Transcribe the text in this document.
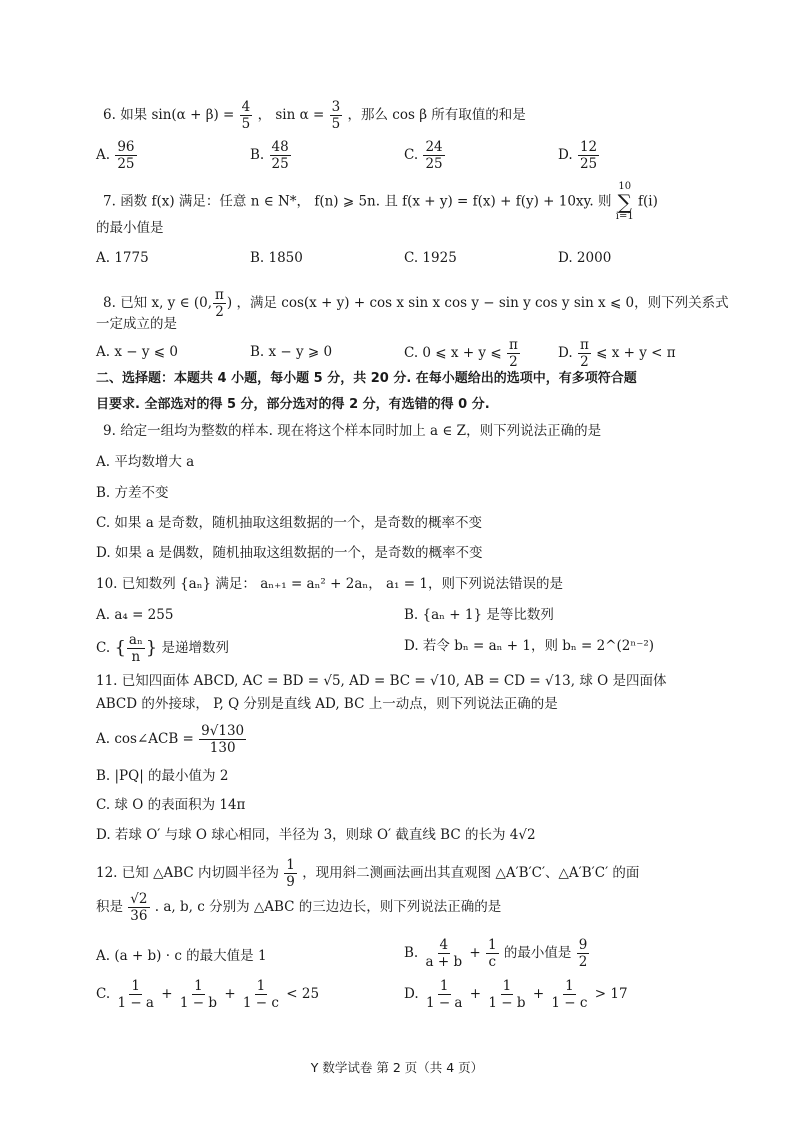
6. 如果 $\sin(\alpha + \beta) = \frac{4}{5}$ ， $\sin \alpha = \frac{3}{5}$ ，那么 cos β 所有取值的和是
A. $\frac{96}{25}$	B. $\frac{48}{25}$	C. $\frac{24}{25}$	D. $\frac{12}{25}$
7. 函数 f(x) 满足：任意 n ∈ N*， f(n) ⩾ 5n. 且 f(x + y) = f(x) + f(y) + 10xy. 则
10
∑
i=1
f(i)
的最小值是
A. 1775	B. 1850	C. 1925	D. 2000
8. 已知 x, y ∈ (0, $\frac{\pi}{2}$ ) ，满足 cos(x + y) + cos x sin x cos y − sin y cos y sin x ⩽ 0，则下列关系式
一定成立的是
A. x − y ⩽ 0	B. x − y ⩾ 0	C. 0 ⩽ x + y ⩽ $\frac{\pi}{2}$	D. $\frac{\pi}{2}$ ⩽ x + y < π
二、选择题：本题共 4 小题，每小题 5 分，共 20 分. 在每小题给出的选项中，有多项符合题
目要求. 全部选对的得 5 分，部分选对的得 2 分，有选错的得 0 分.
9. 给定一组均为整数的样本. 现在将这个样本同时加上 a ∈ Z，则下列说法正确的是
A. 平均数增大 a
B. 方差不变
C. 如果 a 是奇数，随机抽取这组数据的一个，是奇数的概率不变
D. 如果 a 是偶数，随机抽取这组数据的一个，是奇数的概率不变
10. 已知数列 {aₙ} 满足： aₙ₊₁ = aₙ² + 2aₙ， a₁ = 1，则下列说法错误的是
A. a₄ = 255	B. {aₙ + 1} 是等比数列
C. { $\frac{\text{aₙ}}{n}$ } 是递增数列	D. 若令 bₙ = aₙ + 1，则 bₙ = 2^(2ⁿ⁻²)
11. 已知四面体 ABCD, AC = BD = √5, AD = BC = √10, AB = CD = √13, 球 O 是四面体
ABCD 的外接球， P, Q 分别是直线 AD, BC 上一动点，则下列说法正确的是
A. cos∠ACB = $\frac{9√130}{130}$
B. |PQ| 的最小值为 2
C. 球 O 的表面积为 14π
D. 若球 O′ 与球 O 球心相同，半径为 3，则球 O′ 截直线 BC 的长为 4√2
12. 已知 △ABC 内切圆半径为 $\frac{1}{9}$ ，现用斜二测画法画出其直观图 △A′B′C′、△A′B′C′ 的面
积是 $\frac{√2}{36}$ . a, b, c 分别为 △ABC 的三边边长，则下列说法正确的是
A. (a + b) · c 的最大值是 1	B. $\frac{4}{a + b} + \frac{1}{c}$ 的最小值是 $\frac{9}{2}$
C. $\frac{1}{1 - a} + \frac{1}{1 - b} + \frac{1}{1 - c} < 25$	D. $\frac{1}{1 - a} + \frac{1}{1 - b} + \frac{1}{1 - c} > 17$
Y 数学试卷 第 2 页（共 4 页）
